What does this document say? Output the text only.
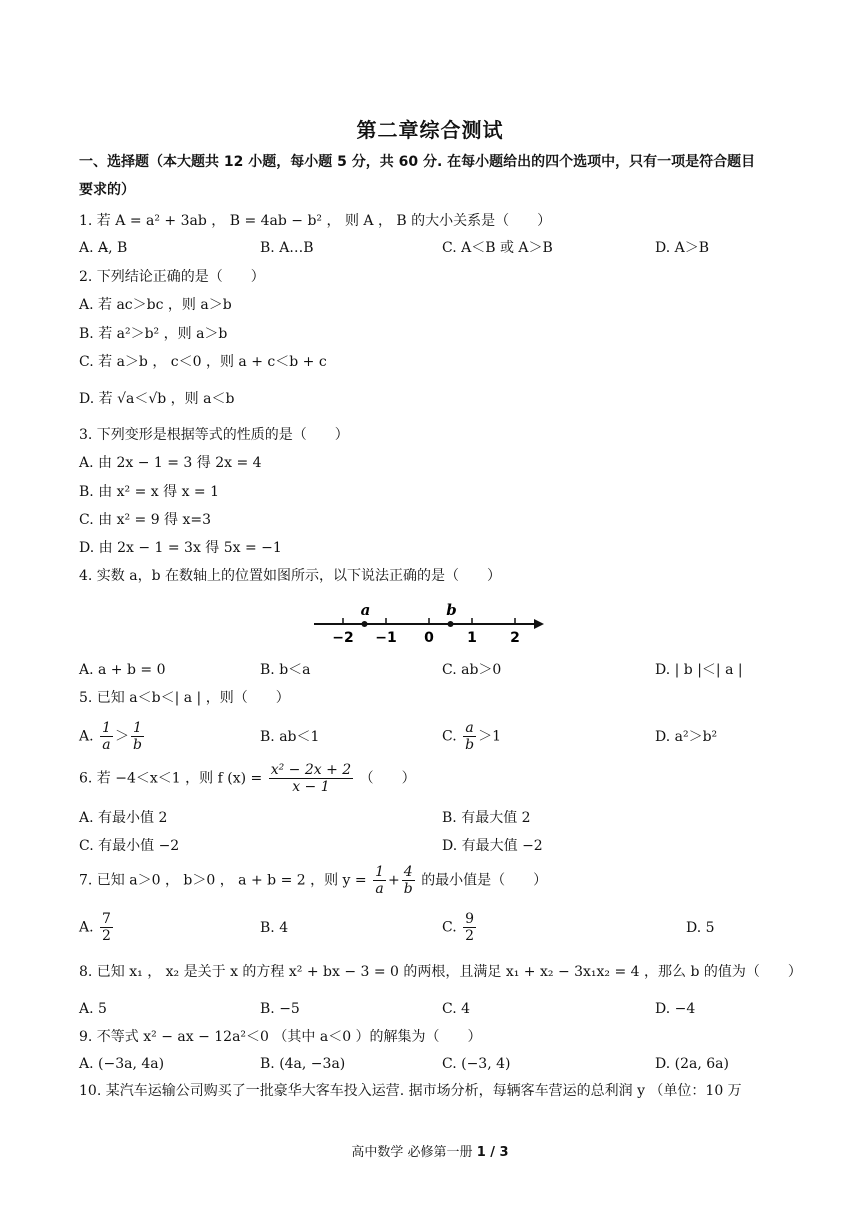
第二章综合测试
一、选择题（本大题共 12 小题，每小题 5 分，共 60 分. 在每小题给出的四个选项中，只有一项是符合题目
要求的）
1. 若 A = a² + 3ab ， B = 4ab − b² ， 则 A ， B 的大小关系是（　　）
A. A̶, B	B. A…B	C. A＜B 或 A＞B	D. A＞B
2. 下列结论正确的是（　　）
A. 若 ac＞bc ，则 a＞b
B. 若 a²＞b² ，则 a＞b
C. 若 a＞b ， c＜0 ，则 a + c＜b + c
D. 若 √a＜√b ，则 a＜b
3. 下列变形是根据等式的性质的是（　　）
A. 由 2x − 1 = 3 得 2x = 4
B. 由 x² = x 得 x = 1
C. 由 x² = 9 得 x=3
D. 由 2x − 1 = 3x 得 5x = −1
4. 实数 a，b 在数轴上的位置如图所示，以下说法正确的是（　　）
−2 −1 0 1 2
a	b
A. a + b = 0	B. b＜a	C. ab＞0	D. | b |＜| a |
5. 已知 a＜b＜| a | ，则（　　）
A. $\frac{1}{a} > \frac{1}{b}$	B. ab＜1	C. $\frac{a}{b} >1$	D. a²＞b²
6. 若 −4＜x＜1 ，则 f $(x) = \frac{\text{x² − 2x + 2}}{x - 1}$ （　　）
A. 有最小值 2	B. 有最大值 2
C. 有最小值 −2	D. 有最大值 −2
7. 已知 a＞0 ， b＞0 ， a + b = 2 ，则 $y = \frac{1}{a} + \frac{4}{b}$ 的最小值是（　　）
A. $\frac{7}{2}$	B. 4	C. $\frac{9}{2}$	D. 5
8. 已知 x₁ ， x₂ 是关于 x 的方程 x² + bx − 3 = 0 的两根，且满足 x₁ + x₂ − 3x₁x₂ = 4 ，那么 b 的值为（　　）
A. 5	B. −5	C. 4	D. −4
9. 不等式 x² − ax − 12a²＜0 （其中 a＜0 ）的解集为（　　）
A. (−3a, 4a)	B. (4a, −3a)	C. (−3, 4)	D. (2a, 6a)
10. 某汽车运输公司购买了一批豪华大客车投入运营. 据市场分析，每辆客车营运的总利润 y （单位：10 万
高中数学 必修第一册 1 / 3
